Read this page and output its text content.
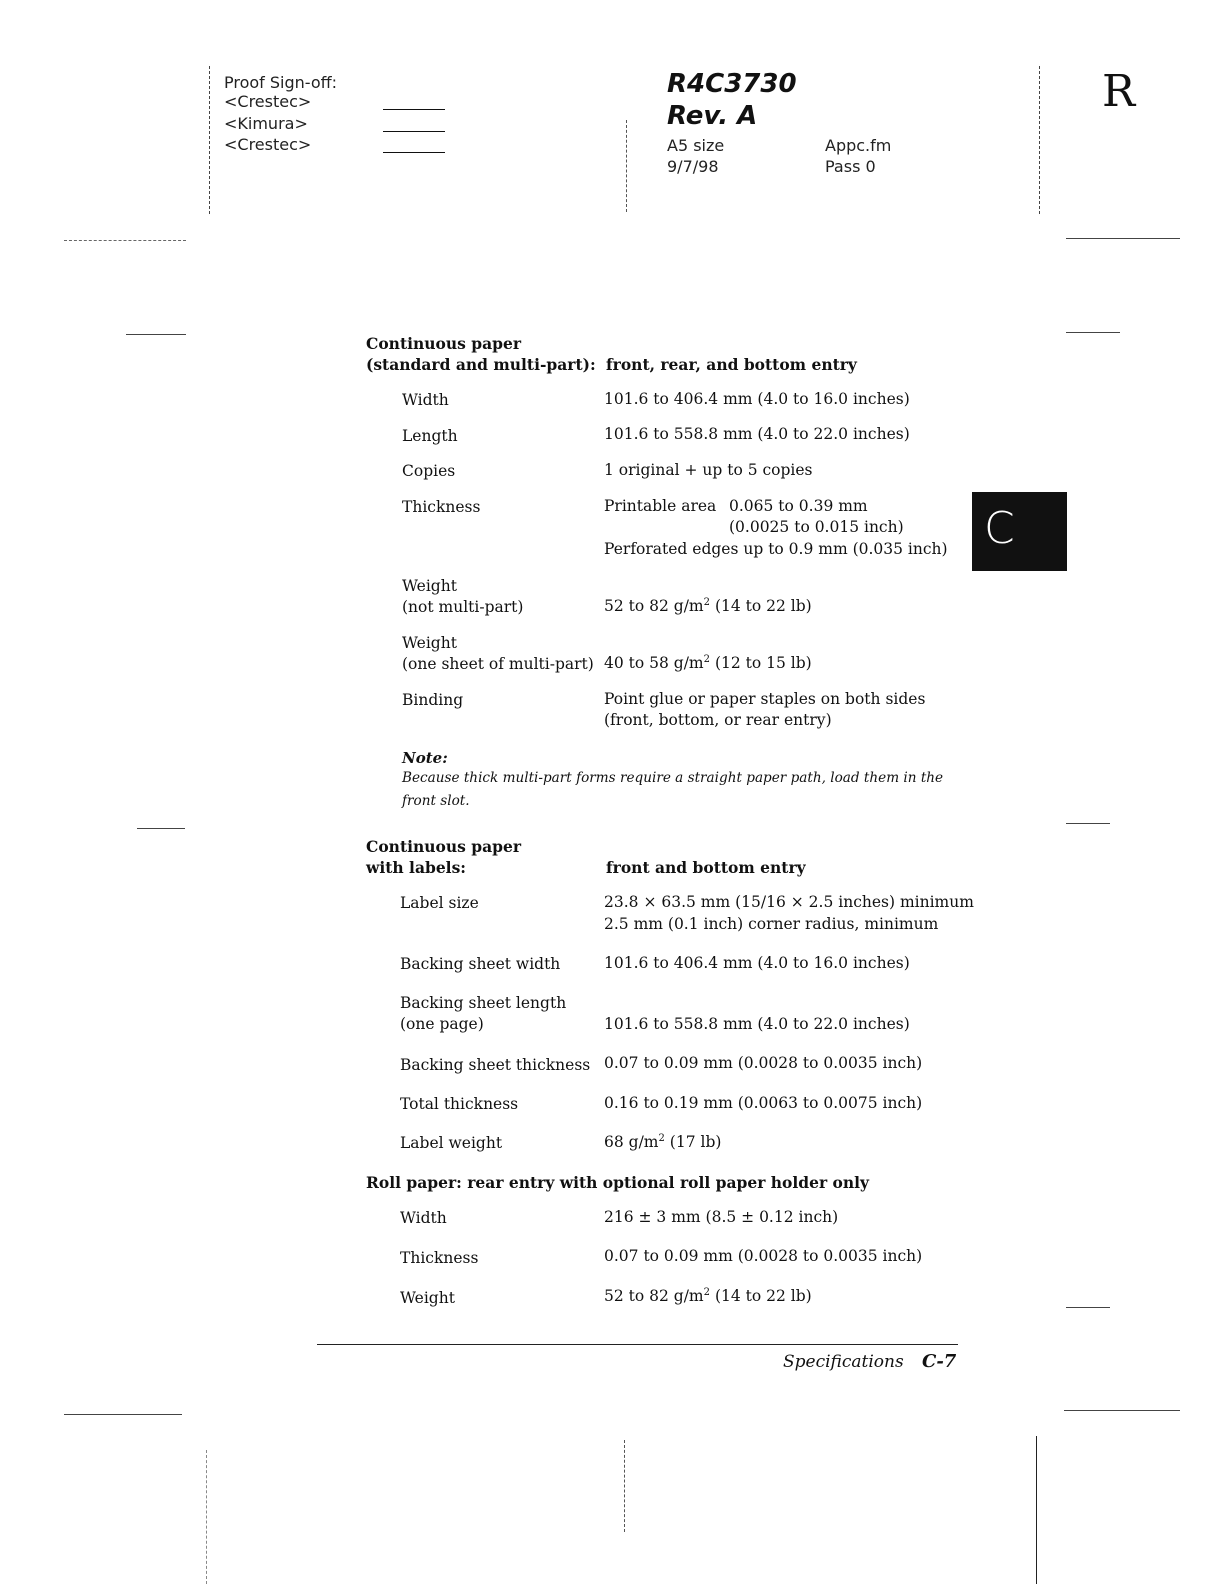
Proof Sign-off:
<Crestec>
<Kimura>
<Crestec>
R4C3730
Rev. A
A5 size
9/7/98
Appc.fm
Pass 0
R
C
Continuous paper
(standard and multi-part): front, rear, and bottom entry
Width	101.6 to 406.4 mm (4.0 to 16.0 inches)
Length	101.6 to 558.8 mm (4.0 to 22.0 inches)
Copies	1 original + up to 5 copies
Thickness	Printable area 0.065 to 0.39 mm
(0.0025 to 0.015 inch)
Perforated edges up to 0.9 mm (0.035 inch)
Weight
(not multi-part)	52 to 82 $g/m^2$ (14 to 22 lb)
Weight
(one sheet of multi-part) 40 to 58 $g/m^2$ (12 to 15 lb)
Binding	Point glue or paper staples on both sides
(front, bottom, or rear entry)
Note:
Because thick multi-part forms require a straight paper path, load them in the
front slot.
Continuous paper
with labels:	front and bottom entry
Label size	23.8 × 63.5 mm (15/16 × 2.5 inches) minimum
2.5 mm (0.1 inch) corner radius, minimum
Backing sheet width	101.6 to 406.4 mm (4.0 to 16.0 inches)
Backing sheet length
(one page)	101.6 to 558.8 mm (4.0 to 22.0 inches)
Backing sheet thickness 0.07 to 0.09 mm (0.0028 to 0.0035 inch)
Total thickness	0.16 to 0.19 mm (0.0063 to 0.0075 inch)
Label weight	68 $g/m^2$ (17 lb)
Roll paper: rear entry with optional roll paper holder only
Width	216 ± 3 mm (8.5 ± 0.12 inch)
Thickness	0.07 to 0.09 mm (0.0028 to 0.0035 inch)
Weight	52 to 82 $g/m^2$ (14 to 22 lb)
Specifications C-7
